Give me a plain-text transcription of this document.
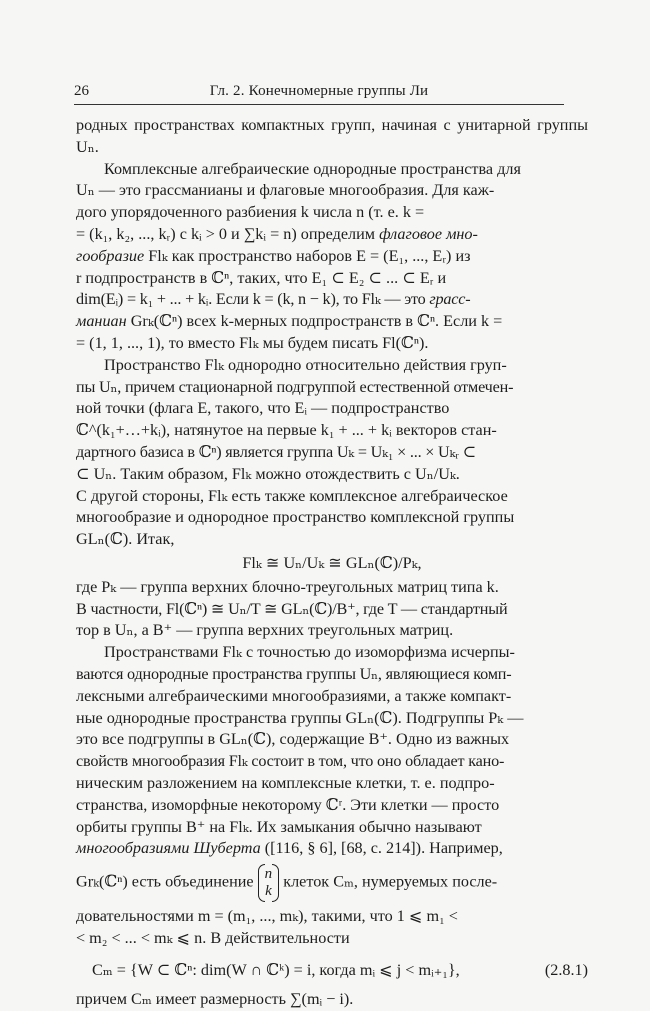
26	Гл. 2. Конечномерные группы Ли

родных пространствах компактных групп, начиная с унитарной группы Uₙ.

Комплексные алгебраические однородные пространства для

Uₙ — это грассманианы и флаговые многообразия. Для каж-

дого упорядоченного разбиения k числа n (т. е. k =

= (k₁, k₂, ..., kᵣ) с kᵢ > 0 и ∑kᵢ = n) определим флаговое мно-

гообразие Flₖ как пространство наборов E = (E₁, ..., Eᵣ) из

r подпространств в ℂⁿ, таких, что E₁ ⊂ E₂ ⊂ ... ⊂ Eᵣ и

dim(Eᵢ) = k₁ + ... + kᵢ. Если k = (k, n − k), то Flₖ — это грасс-

маниан Grₖ(ℂⁿ) всех k-мерных подпространств в ℂⁿ. Если k =

= (1, 1, ..., 1), то вместо Flₖ мы будем писать Fl(ℂⁿ).

Пространство Flₖ однородно относительно действия груп-

пы Uₙ, причем стационарной подгруппой естественной отмечен-

ной точки (флага E, такого, что Eᵢ — подпространство

ℂ^(k₁+…+kᵢ), натянутое на первые k₁ + ... + kᵢ векторов стан-

дартного базиса в ℂⁿ) является группа Uₖ = Uₖ₁ × ... × Uₖᵣ ⊂

⊂ Uₙ. Таким образом, Flₖ можно отождествить с Uₙ/Uₖ.

С другой стороны, Flₖ есть также комплексное алгебраическое

многообразие и однородное пространство комплексной группы

GLₙ(ℂ). Итак,

Flₖ ≅ Uₙ/Uₖ ≅ GLₙ(ℂ)/Pₖ,

где Pₖ — группа верхних блочно-треугольных матриц типа k.

В частности, Fl(ℂⁿ) ≅ Uₙ/T ≅ GLₙ(ℂ)/B⁺, где T — стандартный

тор в Uₙ, а B⁺ — группа верхних треугольных матриц.

Пространствами Flₖ с точностью до изоморфизма исчерпы-

ваются однородные пространства группы Uₙ, являющиеся комп-

лексными алгебраическими многообразиями, а также компакт-

ные однородные пространства группы GLₙ(ℂ). Подгруппы Pₖ —

это все подгруппы в GLₙ(ℂ), содержащие B⁺. Одно из важных

свойств многообразия Flₖ состоит в том, что оно обладает кано-

ническим разложением на комплексные клетки, т. е. подпро-

странства, изоморфные некоторому ℂʳ. Эти клетки — просто

орбиты группы B⁺ на Flₖ. Их замыкания обычно называют

многообразиями Шуберта ([116, § 6], [68, с. 214]). Например,

Grₖ(ℂⁿ) есть объединение n
k
клеток Cₘ, нумеруемых после-

довательностями m = (m₁, ..., mₖ), такими, что 1 ⩽ m₁ <

< m₂ < ... < mₖ ⩽ n. В действительности

Cₘ = {W ⊂ ℂⁿ: dim(W ∩ ℂᵏ) = i, когда mᵢ ⩽ j < mᵢ₊₁},	(2.8.1)

причем Cₘ имеет размерность ∑(mᵢ − i).
